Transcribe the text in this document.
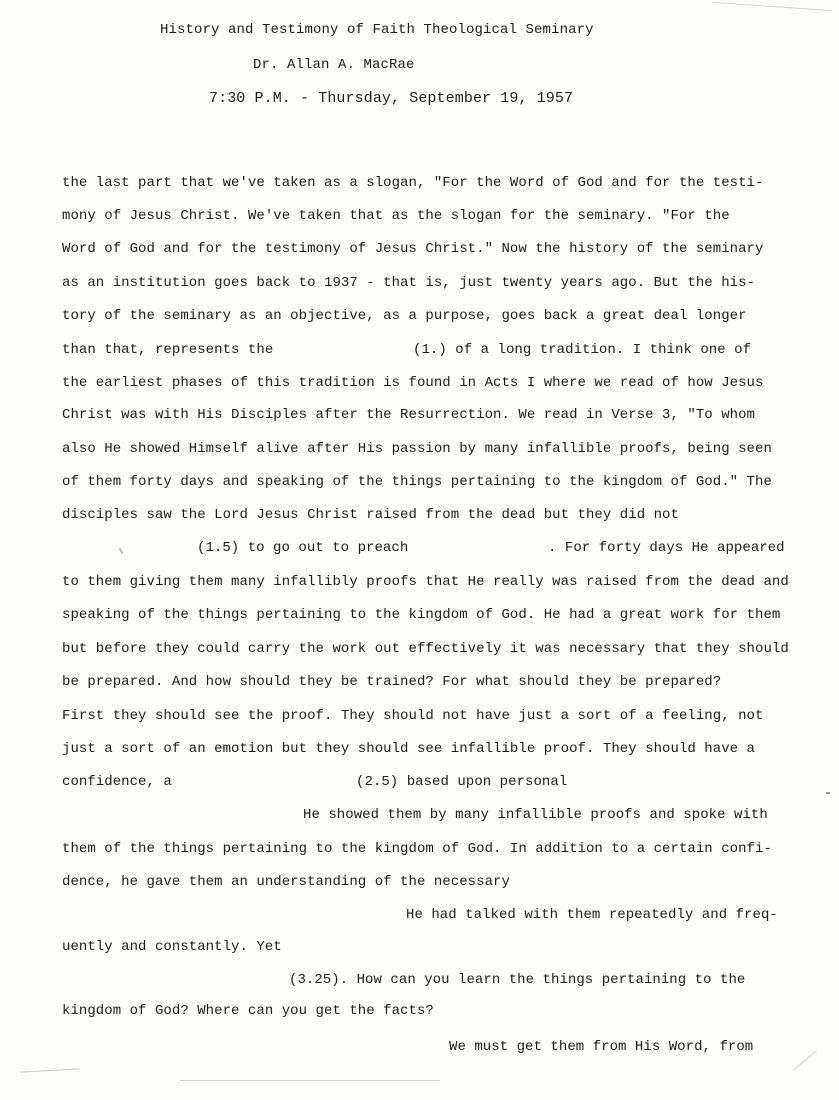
History and Testimony of Faith Theological Seminary
Dr. Allan A. MacRae
7:30 P.M. - Thursday, September 19, 1957
the last part that we've taken as a slogan, "For the Word of God and for the testi-
mony of Jesus Christ. We've taken that as the slogan for the seminary. "For the
Word of God and for the testimony of Jesus Christ." Now the history of the seminary
as an institution goes back to 1937 - that is, just twenty years ago. But the his-
tory of the seminary as an objective, as a purpose, goes back a great deal longer
than that, represents the	(1.) of a long tradition. I think one of
the earliest phases of this tradition is found in Acts I where we read of how Jesus
Christ was with His Disciples after the Resurrection. We read in Verse 3, "To whom
also He showed Himself alive after His passion by many infallible proofs, being seen
of them forty days and speaking of the things pertaining to the kingdom of God." The
disciples saw the Lord Jesus Christ raised from the dead but they did not
(1.5) to go out to preach	. For forty days He appeared
to them giving them many infallibly proofs that He really was raised from the dead and
speaking of the things pertaining to the kingdom of God. He had a great work for them
but before they could carry the work out effectively it was necessary that they should
be prepared. And how should they be trained? For what should they be prepared?
First they should see the proof. They should not have just a sort of a feeling, not
just a sort of an emotion but they should see infallible proof. They should have a
confidence, a	(2.5) based upon personal
He showed them by many infallible proofs and spoke with
them of the things pertaining to the kingdom of God. In addition to a certain confi-
dence, he gave them an understanding of the necessary
He had talked with them repeatedly and freq-
uently and constantly. Yet
(3.25). How can you learn the things pertaining to the
kingdom of God? Where can you get the facts?
We must get them from His Word, from
